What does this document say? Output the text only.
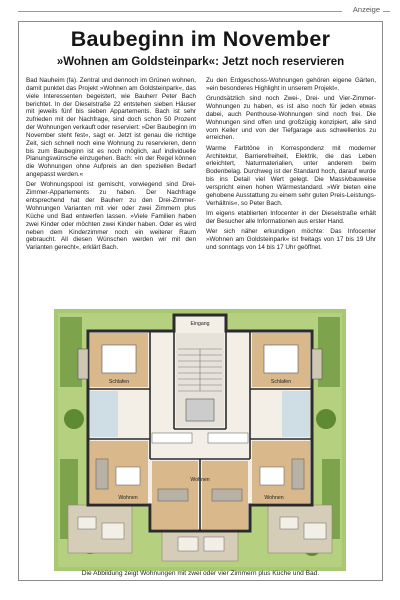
Anzeige
Baubeginn im November
»Wohnen am Goldsteinpark«: Jetzt noch reservieren

Bad Nauheim (fa). Zentral und dennoch im Grünen wohnen, damit punktet das Projekt »Wohnen am Goldsteinpark«, das viele Interessenten begeistert, wie Bauherr Peter Bach berichtet. In der Dieselstraße 22 entstehen sieben Häuser mit jeweils fünf bis sieben Appartements. Bach ist sehr zufrieden mit der Nachfrage, sind doch schon 50 Prozent der Wohnungen verkauft oder reserviert: »Der Baubeginn im November steht fest«, sagt er. Jetzt ist genau die richtige Zeit, sich schnell noch eine Wohnung zu reservieren, denn bis zum Baubeginn ist es noch möglich, auf individuelle Planungswünsche einzugehen. Bach: »In der Regel können die Wohnungen ohne Aufpreis an den speziellen Bedarf angepasst werden.«

Der Wohnungspool ist gemischt, vorwiegend sind Drei-Zimmer-Appartements zu haben. Der Nachfrage entsprechend hat der Bauherr zu den Drei-Zimmer-Wohnungen Varianten mit vier oder zwei Zimmern plus Küche und Bad entwerfen lassen. »Viele Familien haben zwei Kinder oder möchten zwei Kinder haben. Oder es wird neben dem Kinderzimmer noch ein weiterer Raum gebraucht. All diesen Wünschen werden wir mit den Varianten gerecht«, erklärt Bach.

Zu den Erdgeschoss-Wohnungen gehören eigene Gärten, »ein besonderes Highlight in unserem Projekt«.

Grundsätzlich sind noch Zwei-, Drei- und Vier-Zimmer-Wohnungen zu haben, es ist also noch für jeden etwas dabei, auch Penthouse-Wohnungen sind noch frei. Die Wohnungen sind offen und großzügig konzipiert, alle sind vom Keller und von der Tiefgarage aus schwellenlos zu erreichen.

Warme Farbtöne in Korrespondenz mit moderner Architektur, Barrierefreiheit, Elektrik, die das Leben erleichtert, Naturmaterialien, unter anderem beim Bodenbelag. Durchweg ist der Standard hoch, darauf wurde bis ins Detail viel Wert gelegt. Die Massivbauweise verspricht einen hohen Wärmestandard. »Wir bieten eine gehobene Ausstattung zu einem sehr guten Preis-Leistungs-Verhältnis«, so Peter Bach.

Im eigens etablierten Infocenter in der Dieselstraße erhält der Besucher alle Informationen aus erster Hand.

Wer sich näher erkundigen möchte: Das Infocenter »Wohnen am Goldsteinpark« ist freitags von 17 bis 19 Uhr und sonntags von 14 bis 17 Uhr geöffnet.

Eingang
Schlafen	Schlafen
Wohnen
Wohnen
Wohnen
Die Abbildung zeigt Wohnungen mit zwei oder vier Zimmern plus Küche und Bad.
